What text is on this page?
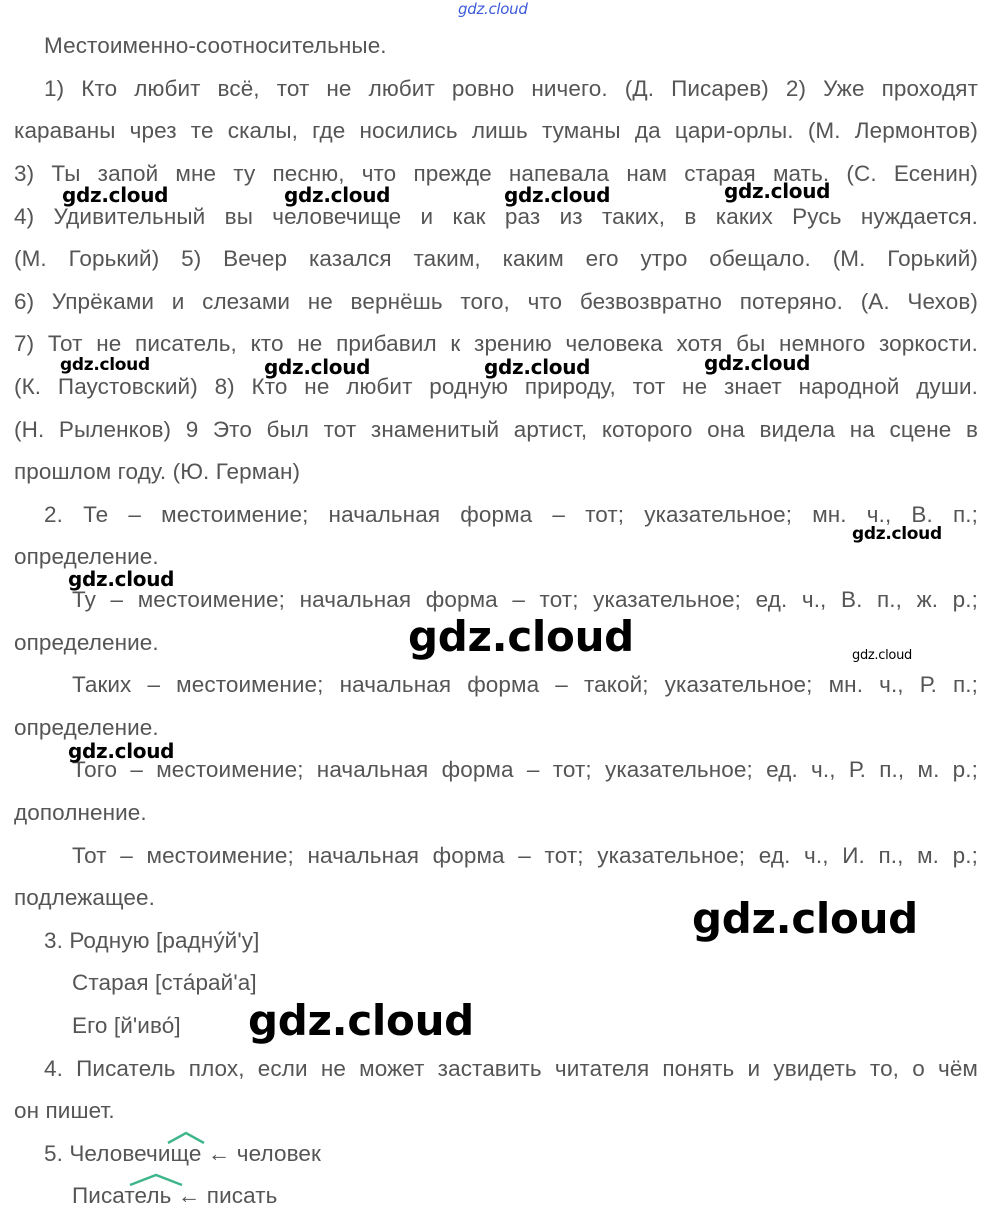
gdz.cloud
Местоименно-соотносительные.
1) Кто любит всё, тот не любит ровно ничего. (Д. Писарев) 2) Уже проходят
караваны чрез те скалы, где носились лишь туманы да цари-орлы. (М. Лермонтов)
3) Ты запой мне ту песню, что прежде напевала нам старая мать. (С. Есенин)
4) Удивительный вы человечище и как раз из таких, в каких Русь нуждается.
(М. Горький) 5) Вечер казался таким, каким его утро обещало. (М. Горький)
6) Упрёками и слезами не вернёшь того, что безвозвратно потеряно. (А. Чехов)
7) Тот не писатель, кто не прибавил к зрению человека хотя бы немного зоркости.
(К. Паустовский) 8) Кто не любит родную природу, тот не знает народной души.
(Н. Рыленков) 9 Это был тот знаменитый артист, которого она видела на сцене в
прошлом году. (Ю. Герман)
2. Те – местоимение; начальная форма – тот; указательное; мн. ч., В. п.;
определение.
Ту – местоимение; начальная форма – тот; указательное; ед. ч., В. п., ж. р.;
определение.
Таких – местоимение; начальная форма – такой; указательное; мн. ч., Р. п.;
определение.
Того – местоимение; начальная форма – тот; указательное; ед. ч., Р. п., м. р.;
дополнение.
Тот – местоимение; начальная форма – тот; указательное; ед. ч., И. п., м. р.;
подлежащее.
3. Родную [радну́й'у]
Старая [ста́рай'а]
Его [й'иво́]
4. Писатель плох, если не может заставить читателя понять и увидеть то, о чём
он пишет.
5. Человечище ← человек
Писатель ← писать
gdz.cloud	gdz.cloud	gdz.cloud	gdz.cloud
gdz.cloud	gdz.cloud	gdz.cloud	gdz.cloud
gdz.cloud
gdz.cloud
gdz.cloud	gdz.cloud
gdz.cloud
gdz.cloud
gdz.cloud
